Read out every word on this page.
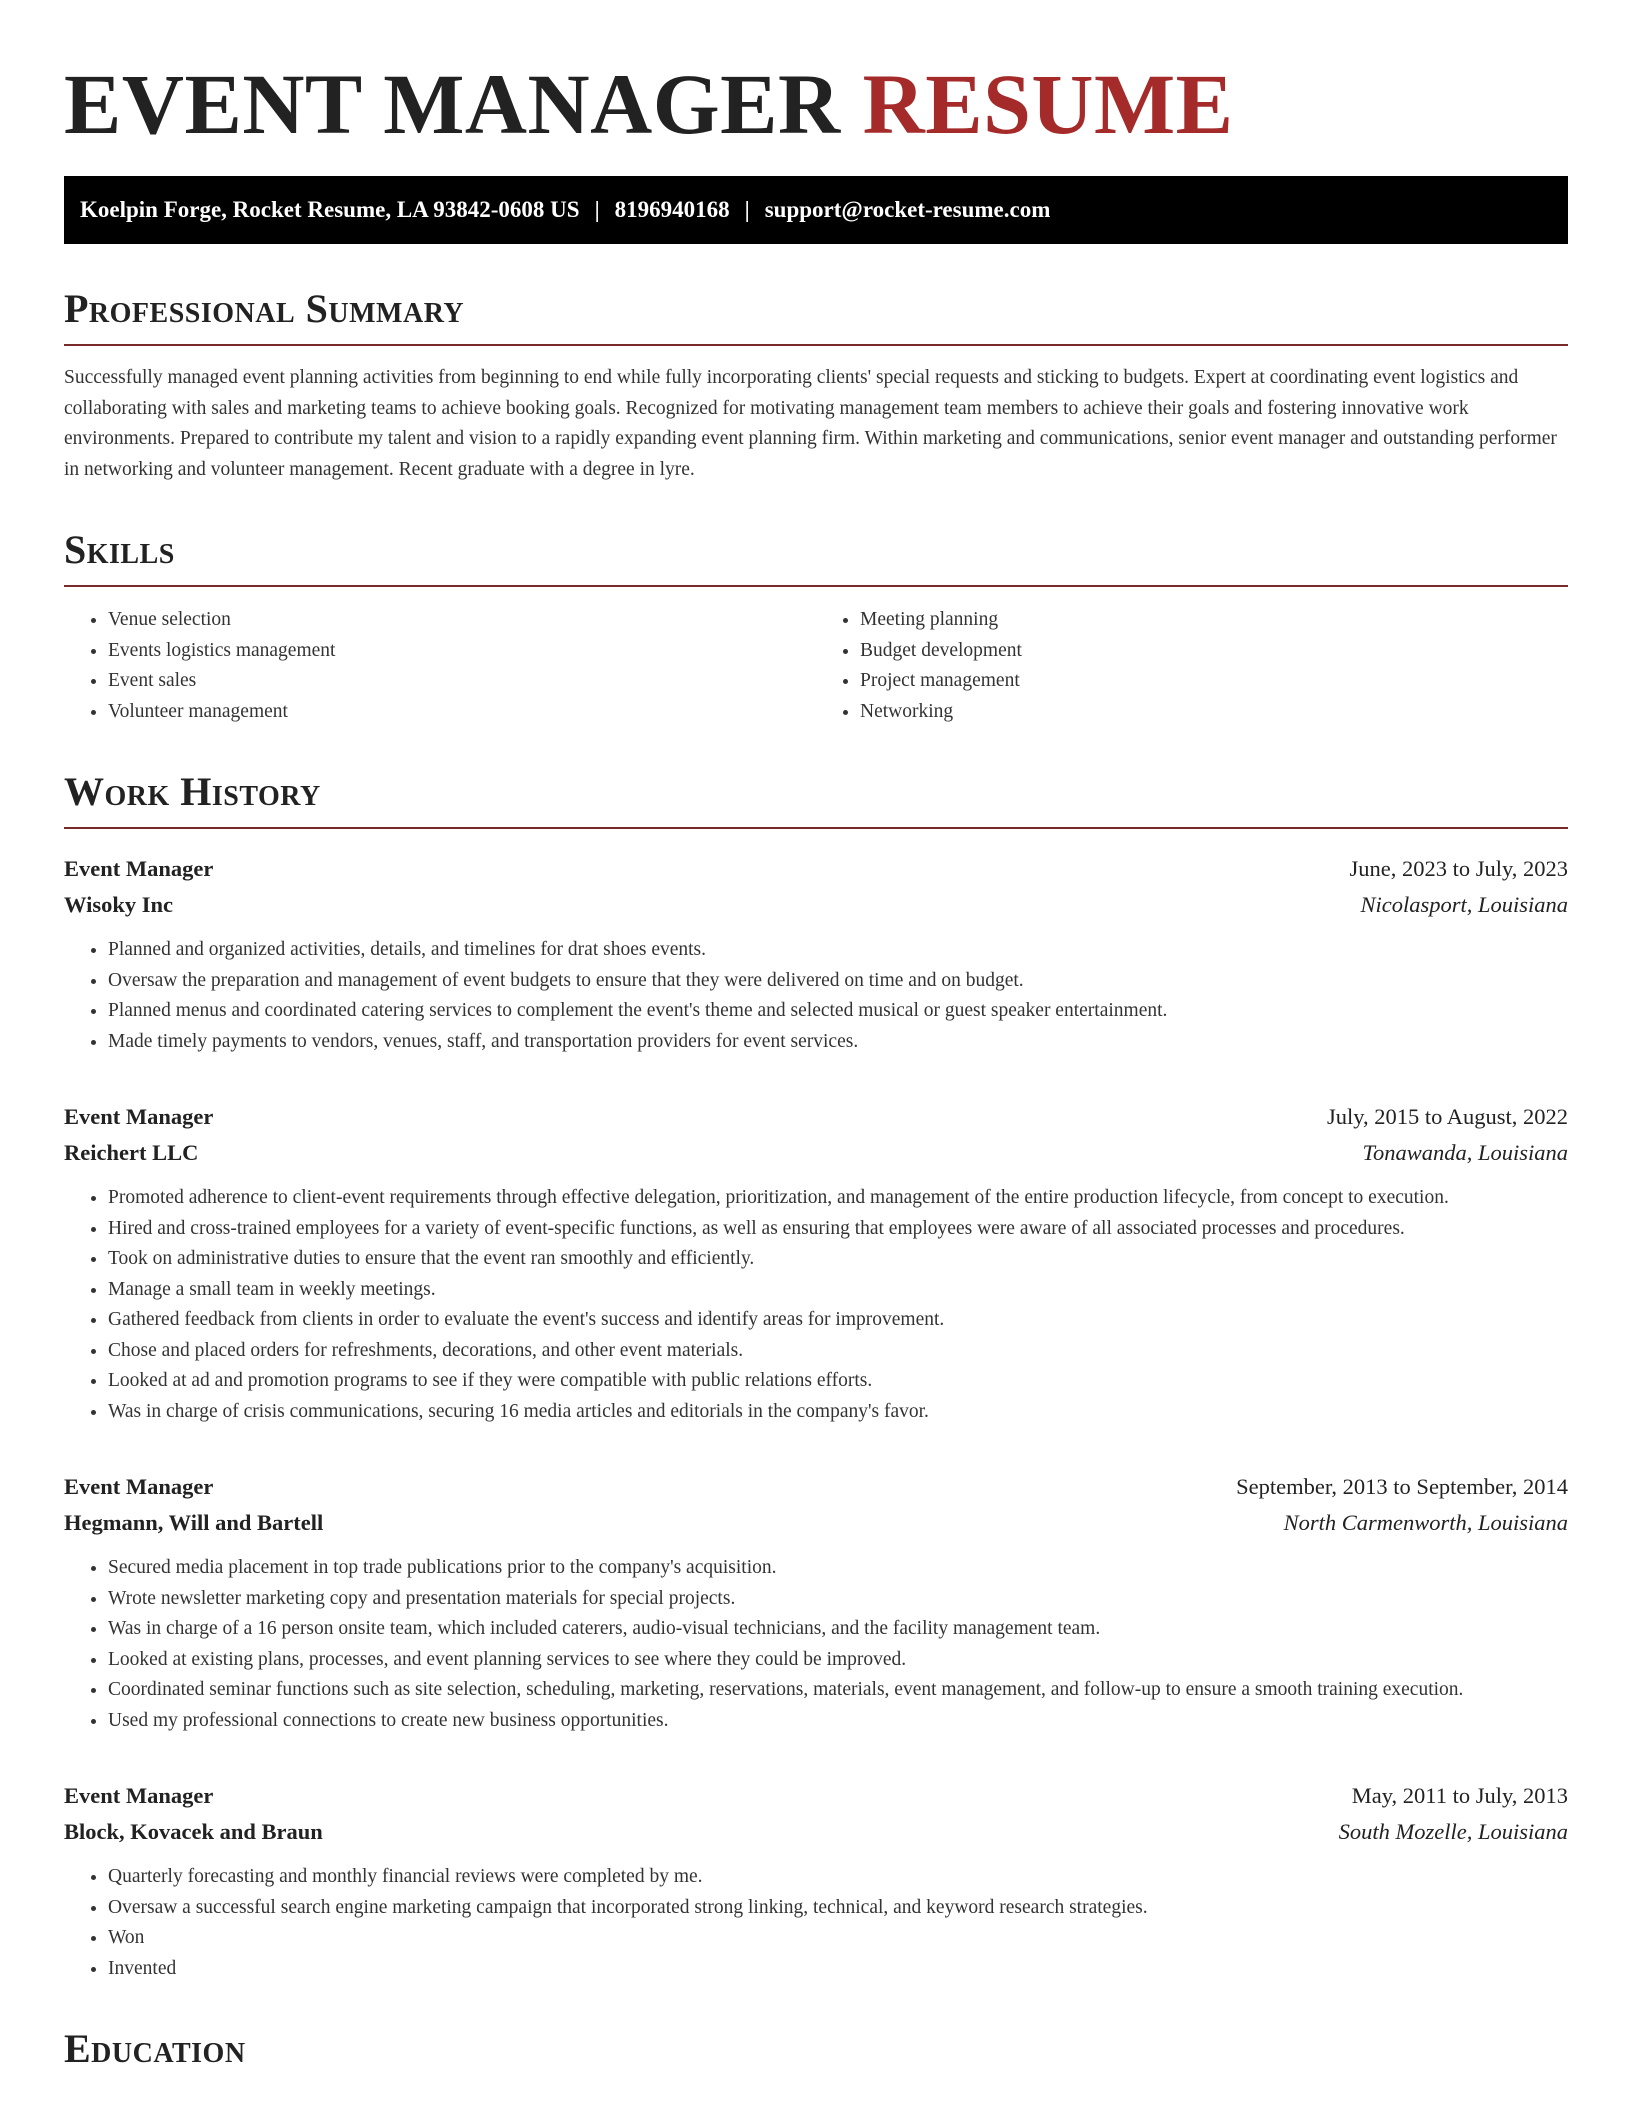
EVENT MANAGER RESUME
Koelpin Forge, Rocket Resume, LA 93842-0608 US | 8196940168 | support@rocket-resume.com
Professional Summary

Successfully managed event planning activities from beginning to end while fully incorporating clients' special requests and sticking to budgets. Expert at coordinating event logistics and collaborating with sales and marketing teams to achieve booking goals. Recognized for motivating management team members to achieve their goals and fostering innovative work environments. Prepared to contribute my talent and vision to a rapidly expanding event planning firm. Within marketing and communications, senior event manager and outstanding performer in networking and volunteer management. Recent graduate with a degree in lyre.

Skills
• Venue selection
• Events logistics management
• Event sales
• Volunteer management
• Meeting planning
• Budget development
• Project management
• Networking
Work History
Event Manager	June, 2023 to July, 2023
Wisoky Inc	Nicolasport, Louisiana
• Planned and organized activities, details, and timelines for drat shoes events.
• Oversaw the preparation and management of event budgets to ensure that they were delivered on time and on budget.
• Planned menus and coordinated catering services to complement the event's theme and selected musical or guest speaker entertainment.
• Made timely payments to vendors, venues, staff, and transportation providers for event services.
Event Manager	July, 2015 to August, 2022
Reichert LLC	Tonawanda, Louisiana
• Promoted adherence to client-event requirements through effective delegation, prioritization, and management of the entire production lifecycle, from concept to execution.
• Hired and cross-trained employees for a variety of event-specific functions, as well as ensuring that employees were aware of all associated processes and procedures.
• Took on administrative duties to ensure that the event ran smoothly and efficiently.
• Manage a small team in weekly meetings.
• Gathered feedback from clients in order to evaluate the event's success and identify areas for improvement.
• Chose and placed orders for refreshments, decorations, and other event materials.
• Looked at ad and promotion programs to see if they were compatible with public relations efforts.
• Was in charge of crisis communications, securing 16 media articles and editorials in the company's favor.
Event Manager	September, 2013 to September, 2014
Hegmann, Will and Bartell	North Carmenworth, Louisiana
• Secured media placement in top trade publications prior to the company's acquisition.
• Wrote newsletter marketing copy and presentation materials for special projects.
• Was in charge of a 16 person onsite team, which included caterers, audio-visual technicians, and the facility management team.
• Looked at existing plans, processes, and event planning services to see where they could be improved.
• Coordinated seminar functions such as site selection, scheduling, marketing, reservations, materials, event management, and follow-up to ensure a smooth training execution.
• Used my professional connections to create new business opportunities.
Event Manager	May, 2011 to July, 2013
Block, Kovacek and Braun	South Mozelle, Louisiana
• Quarterly forecasting and monthly financial reviews were completed by me.
• Oversaw a successful search engine marketing campaign that incorporated strong linking, technical, and keyword research strategies.
• Won
• Invented
Education
